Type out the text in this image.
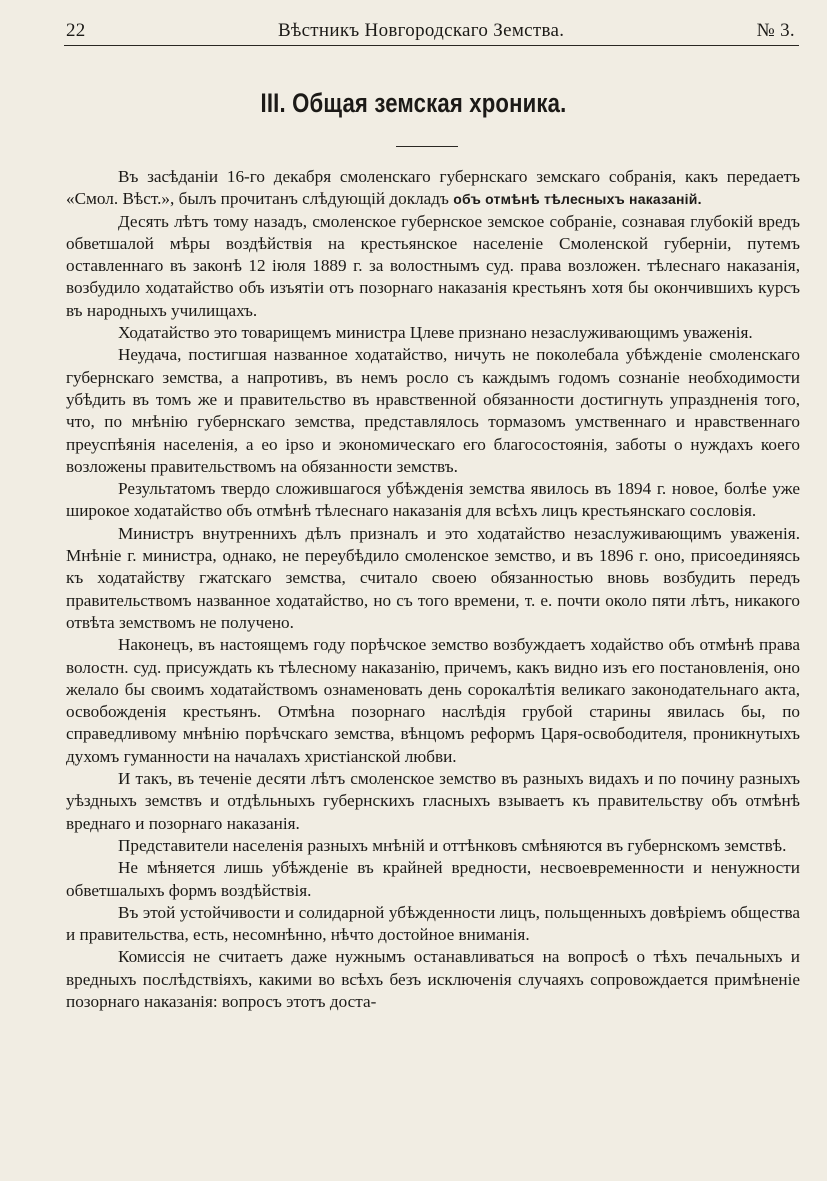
22	Вѣстникъ Новгородскаго Земства.	№ 3.
III. Общая земская хроника.

Въ засѣданіи 16-го декабря смоленскаго губернскаго земскаго собранія, какъ передаетъ «Смол. Вѣст.», былъ прочитанъ слѣдующій докладъ объ отмѣнѣ тѣлесныхъ наказаній.

Десять лѣтъ тому назадъ, смоленское губернское земское собраніе, сознавая глубокій вредъ обветшалой мѣры воздѣйствія на крестьянское населеніе Смоленской губерніи, путемъ оставленнаго въ законѣ 12 іюля 1889 г. за волостнымъ суд. права возложен. тѣлеснаго наказанія, возбудило ходатайство объ изъятіи отъ позорнаго наказанія крестьянъ хотя бы окончившихъ курсъ въ народныхъ училищахъ.

Ходатайство это товарищемъ министра Цлеве признано незаслуживающимъ уваженія.

Неудача, постигшая названное ходатайство, ничуть не поколебала убѣжденіе смоленскаго губернскаго земства, а напротивъ, въ немъ росло съ каждымъ годомъ сознаніе необходимости убѣдить въ томъ же и правительство въ нравственной обязанности достигнуть упраздненія того, что, по мнѣнію губернскаго земства, представлялось тормазомъ умственнаго и нравственнаго преуспѣянія населенія, а eo ipso и экономическаго его благосостоянія, заботы о нуждахъ коего возложены правительствомъ на обязанности земствъ.

Результатомъ твердо сложившагося убѣжденія земства явилось въ 1894 г. новое, болѣе уже широкое ходатайство объ отмѣнѣ тѣлеснаго наказанія для всѣхъ лицъ крестьянскаго сословія.

Министръ внутреннихъ дѣлъ призналъ и это ходатайство незаслуживающимъ уваженія. Мнѣніе г. министра, однако, не переубѣдило смоленское земство, и въ 1896 г. оно, присоединяясь къ ходатайству гжатскаго земства, считало своею обязанностью вновь возбудить передъ правительствомъ названное ходатайство, но съ того времени, т. е. почти около пяти лѣтъ, никакого отвѣта земствомъ не получено.

Наконецъ, въ настоящемъ году порѣчское земство возбуждаетъ ходайство объ отмѣнѣ права волостн. суд. присуждать къ тѣлесному наказанію, причемъ, какъ видно изъ его постановленія, оно желало бы своимъ ходатайствомъ ознаменовать день сорокалѣтія великаго законодательнаго акта, освобожденія крестьянъ. Отмѣна позорнаго наслѣдія грубой старины явилась бы, по справедливому мнѣнію порѣчскаго земства, вѣнцомъ реформъ Царя-освободителя, проникнутыхъ духомъ гуманности на началахъ христіанской любви.

И такъ, въ теченіе десяти лѣтъ смоленское земство въ разныхъ видахъ и по почину разныхъ уѣздныхъ земствъ и отдѣльныхъ губернскихъ гласныхъ взываетъ къ правительству объ отмѣнѣ вреднаго и позорнаго наказанія.

Представители населенія разныхъ мнѣній и оттѣнковъ смѣняются въ губернскомъ земствѣ.

Не мѣняется лишь убѣжденіе въ крайней вредности, несвоевременности и ненужности обветшалыхъ формъ воздѣйствія.

Въ этой устойчивости и солидарной убѣжденности лицъ, польщенныхъ довѣріемъ общества и правительства, есть, несомнѣнно, нѣчто достойное вниманія.

Комиссія не считаетъ даже нужнымъ останавливаться на вопросѣ о тѣхъ печальныхъ и вредныхъ послѣдствіяхъ, какими во всѣхъ безъ исключенія случаяхъ сопровождается примѣненіе позорнаго наказанія: вопросъ этотъ доста-
